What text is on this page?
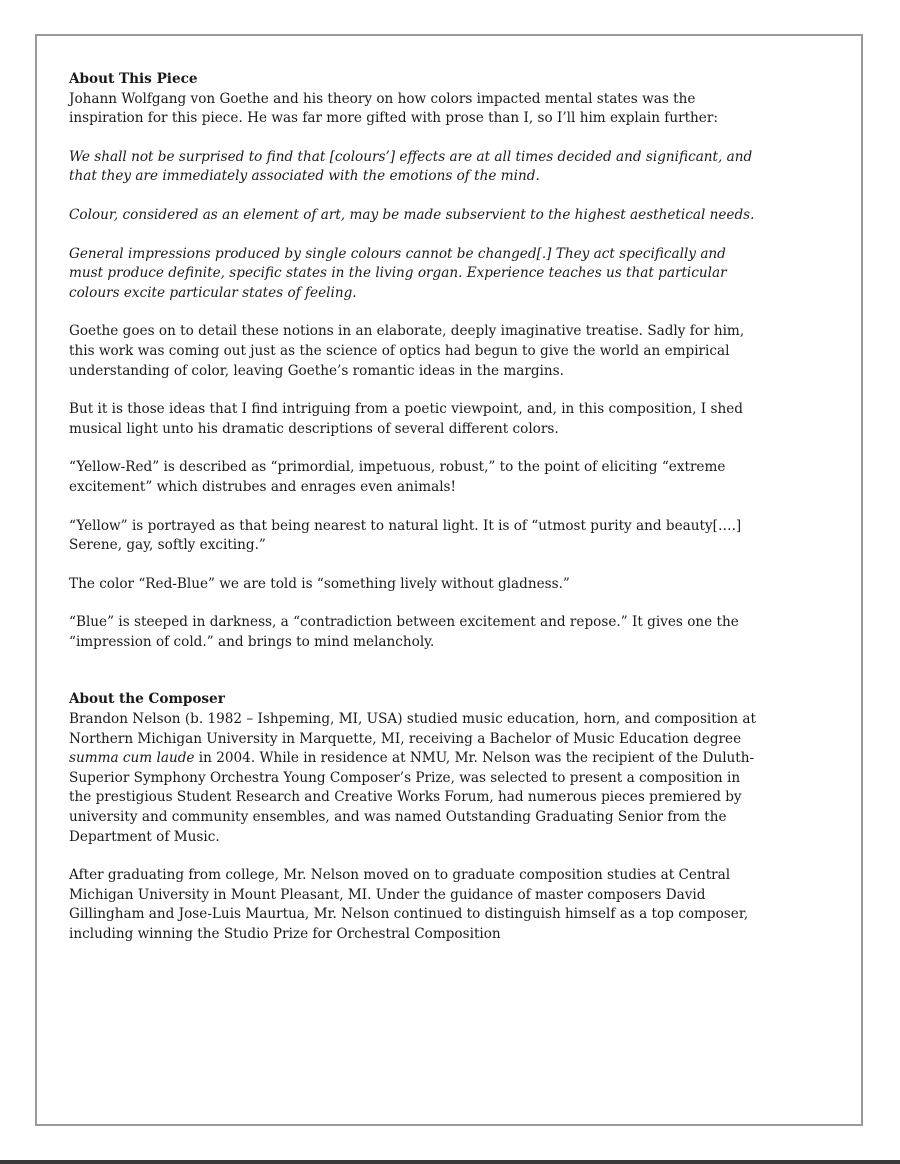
About This Piece

Johann Wolfgang von Goethe and his theory on how colors impacted mental states was the inspiration for this piece. He was far more gifted with prose than I, so I’ll him explain further:

We shall not be surprised to find that [colours’] effects are at all times decided and significant, and that they are immediately associated with the emotions of the mind.

Colour, considered as an element of art, may be made subservient to the highest aesthetical needs.

General impressions produced by single colours cannot be changed[.] They act specifically and must produce definite, specific states in the living organ. Experience teaches us that particular colours excite particular states of feeling.

Goethe goes on to detail these notions in an elaborate, deeply imaginative treatise. Sadly for him, this work was coming out just as the science of optics had begun to give the world an empirical understanding of color, leaving Goethe’s romantic ideas in the margins.

But it is those ideas that I find intriguing from a poetic viewpoint, and, in this composition, I shed musical light unto his dramatic descriptions of several different colors.

“Yellow-Red” is described as “primordial, impetuous, robust,” to the point of eliciting “extreme excitement” which distrubes and enrages even animals!

“Yellow” is portrayed as that being nearest to natural light. It is of “utmost purity and beauty[….] Serene, gay, softly exciting.”

The color “Red-Blue” we are told is “something lively without gladness.”

“Blue” is steeped in darkness, a “contradiction between excitement and repose.” It gives one the “impression of cold.” and brings to mind melancholy.

About the Composer

Brandon Nelson (b. 1982 – Ishpeming, MI, USA) studied music education, horn, and composition at Northern Michigan University in Marquette, MI, receiving a Bachelor of Music Education degree summa cum laude in 2004. While in residence at NMU, Mr. Nelson was the recipient of the Duluth-Superior Symphony Orchestra Young Composer’s Prize, was selected to present a composition in the prestigious Student Research and Creative Works Forum, had numerous pieces premiered by university and community ensembles, and was named Outstanding Graduating Senior from the Department of Music.

After graduating from college, Mr. Nelson moved on to graduate composition studies at Central Michigan University in Mount Pleasant, MI. Under the guidance of master composers David Gillingham and Jose-Luis Maurtua, Mr. Nelson continued to distinguish himself as a top composer, including winning the Studio Prize for Orchestral Composition
